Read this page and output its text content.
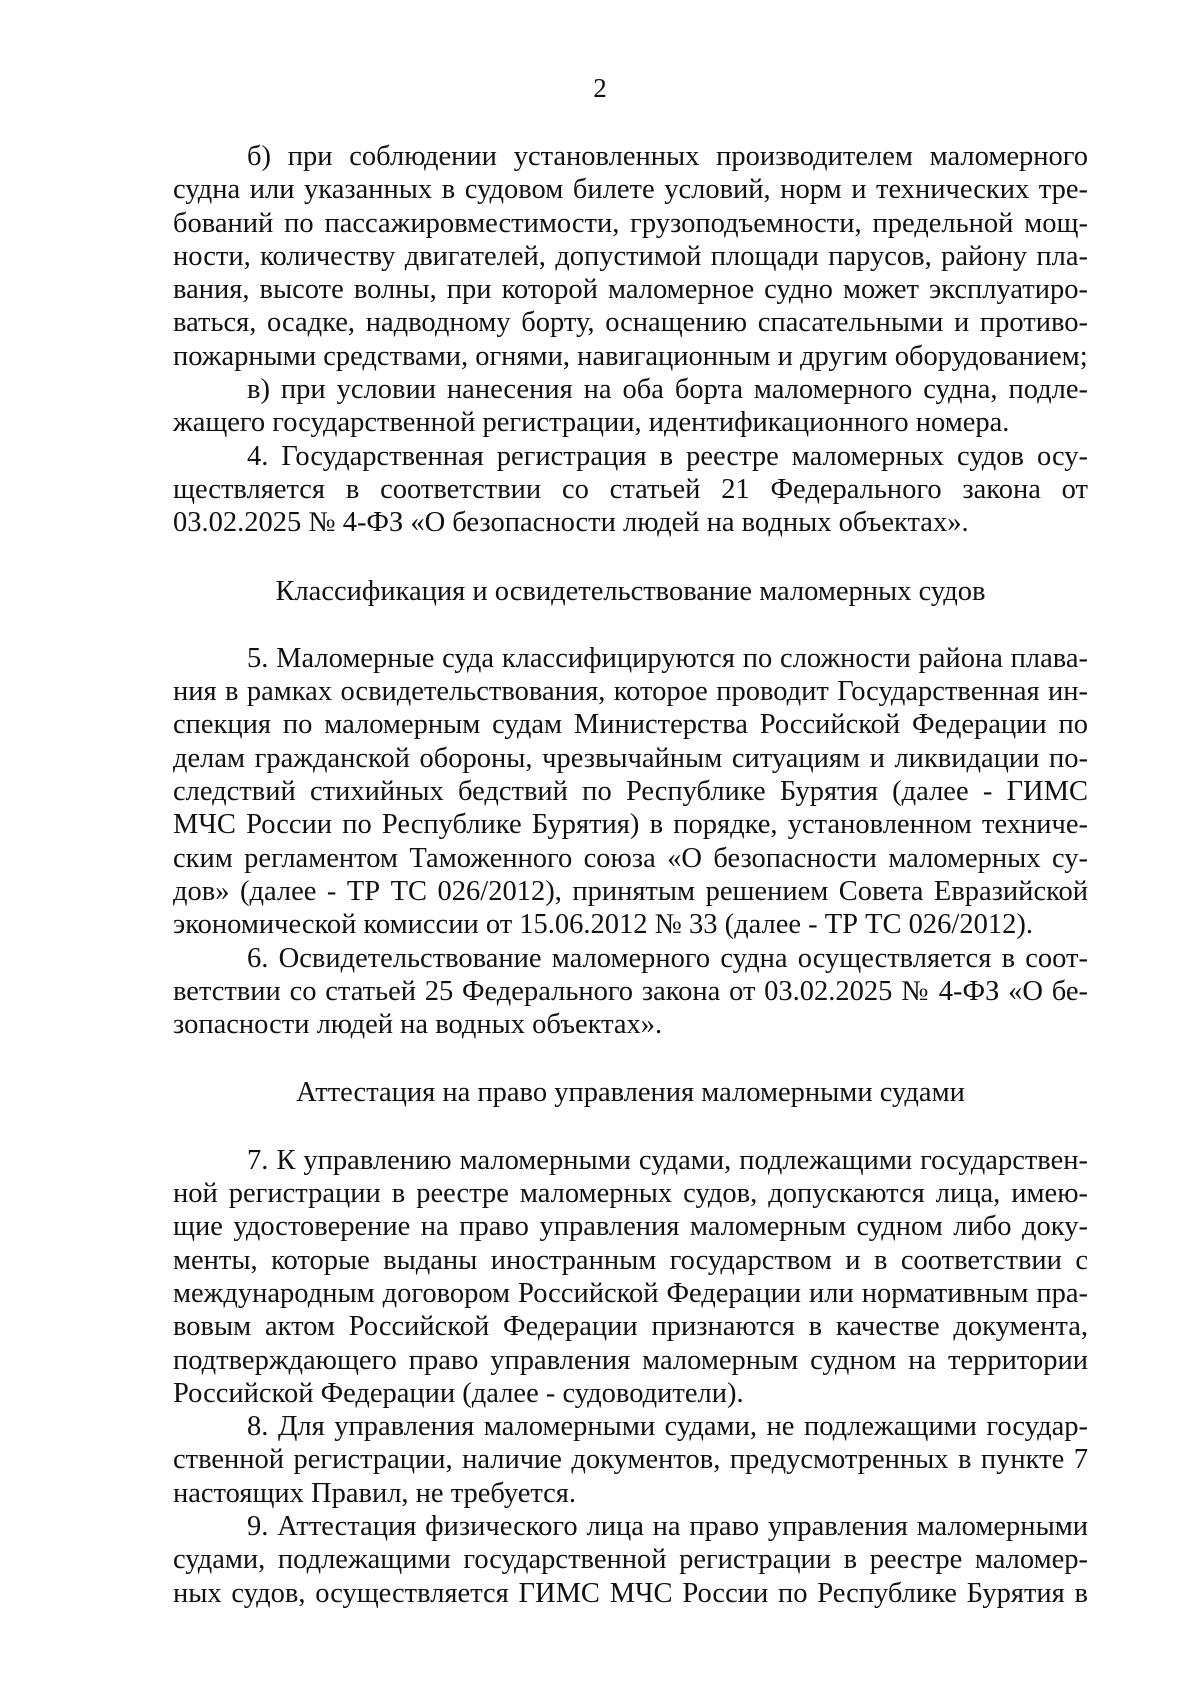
2
б) при соблюдении установленных производителем маломерного
судна или указанных в судовом билете условий, норм и технических тре-
бований по пассажировместимости, грузоподъемности, предельной мощ-
ности, количеству двигателей, допустимой площади парусов, району пла-
вания, высоте волны, при которой маломерное судно может эксплуатиро-
ваться, осадке, надводному борту, оснащению спасательными и противо-
пожарными средствами, огнями, навигационным и другим оборудованием;
в) при условии нанесения на оба борта маломерного судна, подле-
жащего государственной регистрации, идентификационного номера.
4. Государственная регистрация в реестре маломерных судов осу-
ществляется в соответствии со статьей 21 Федерального закона от
03.02.2025 № 4-ФЗ «О безопасности людей на водных объектах».
Классификация и освидетельствование маломерных судов
5. Маломерные суда классифицируются по сложности района плава-
ния в рамках освидетельствования, которое проводит Государственная ин-
спекция по маломерным судам Министерства Российской Федерации по
делам гражданской обороны, чрезвычайным ситуациям и ликвидации по-
следствий стихийных бедствий по Республике Бурятия (далее - ГИМС
МЧС России по Республике Бурятия) в порядке, установленном техниче-
ским регламентом Таможенного союза «О безопасности маломерных су-
дов» (далее - ТР ТС 026/2012), принятым решением Совета Евразийской
экономической комиссии от 15.06.2012 № 33 (далее - ТР ТС 026/2012).
6. Освидетельствование маломерного судна осуществляется в соот-
ветствии со статьей 25 Федерального закона от 03.02.2025 № 4-ФЗ «О бе-
зопасности людей на водных объектах».
Аттестация на право управления маломерными судами
7. К управлению маломерными судами, подлежащими государствен-
ной регистрации в реестре маломерных судов, допускаются лица, имею-
щие удостоверение на право управления маломерным судном либо доку-
менты, которые выданы иностранным государством и в соответствии с
международным договором Российской Федерации или нормативным пра-
вовым актом Российской Федерации признаются в качестве документа,
подтверждающего право управления маломерным судном на территории
Российской Федерации (далее - судоводители).
8. Для управления маломерными судами, не подлежащими государ-
ственной регистрации, наличие документов, предусмотренных в пункте 7
настоящих Правил, не требуется.
9. Аттестация физического лица на право управления маломерными
судами, подлежащими государственной регистрации в реестре маломер-
ных судов, осуществляется ГИМС МЧС России по Республике Бурятия в
